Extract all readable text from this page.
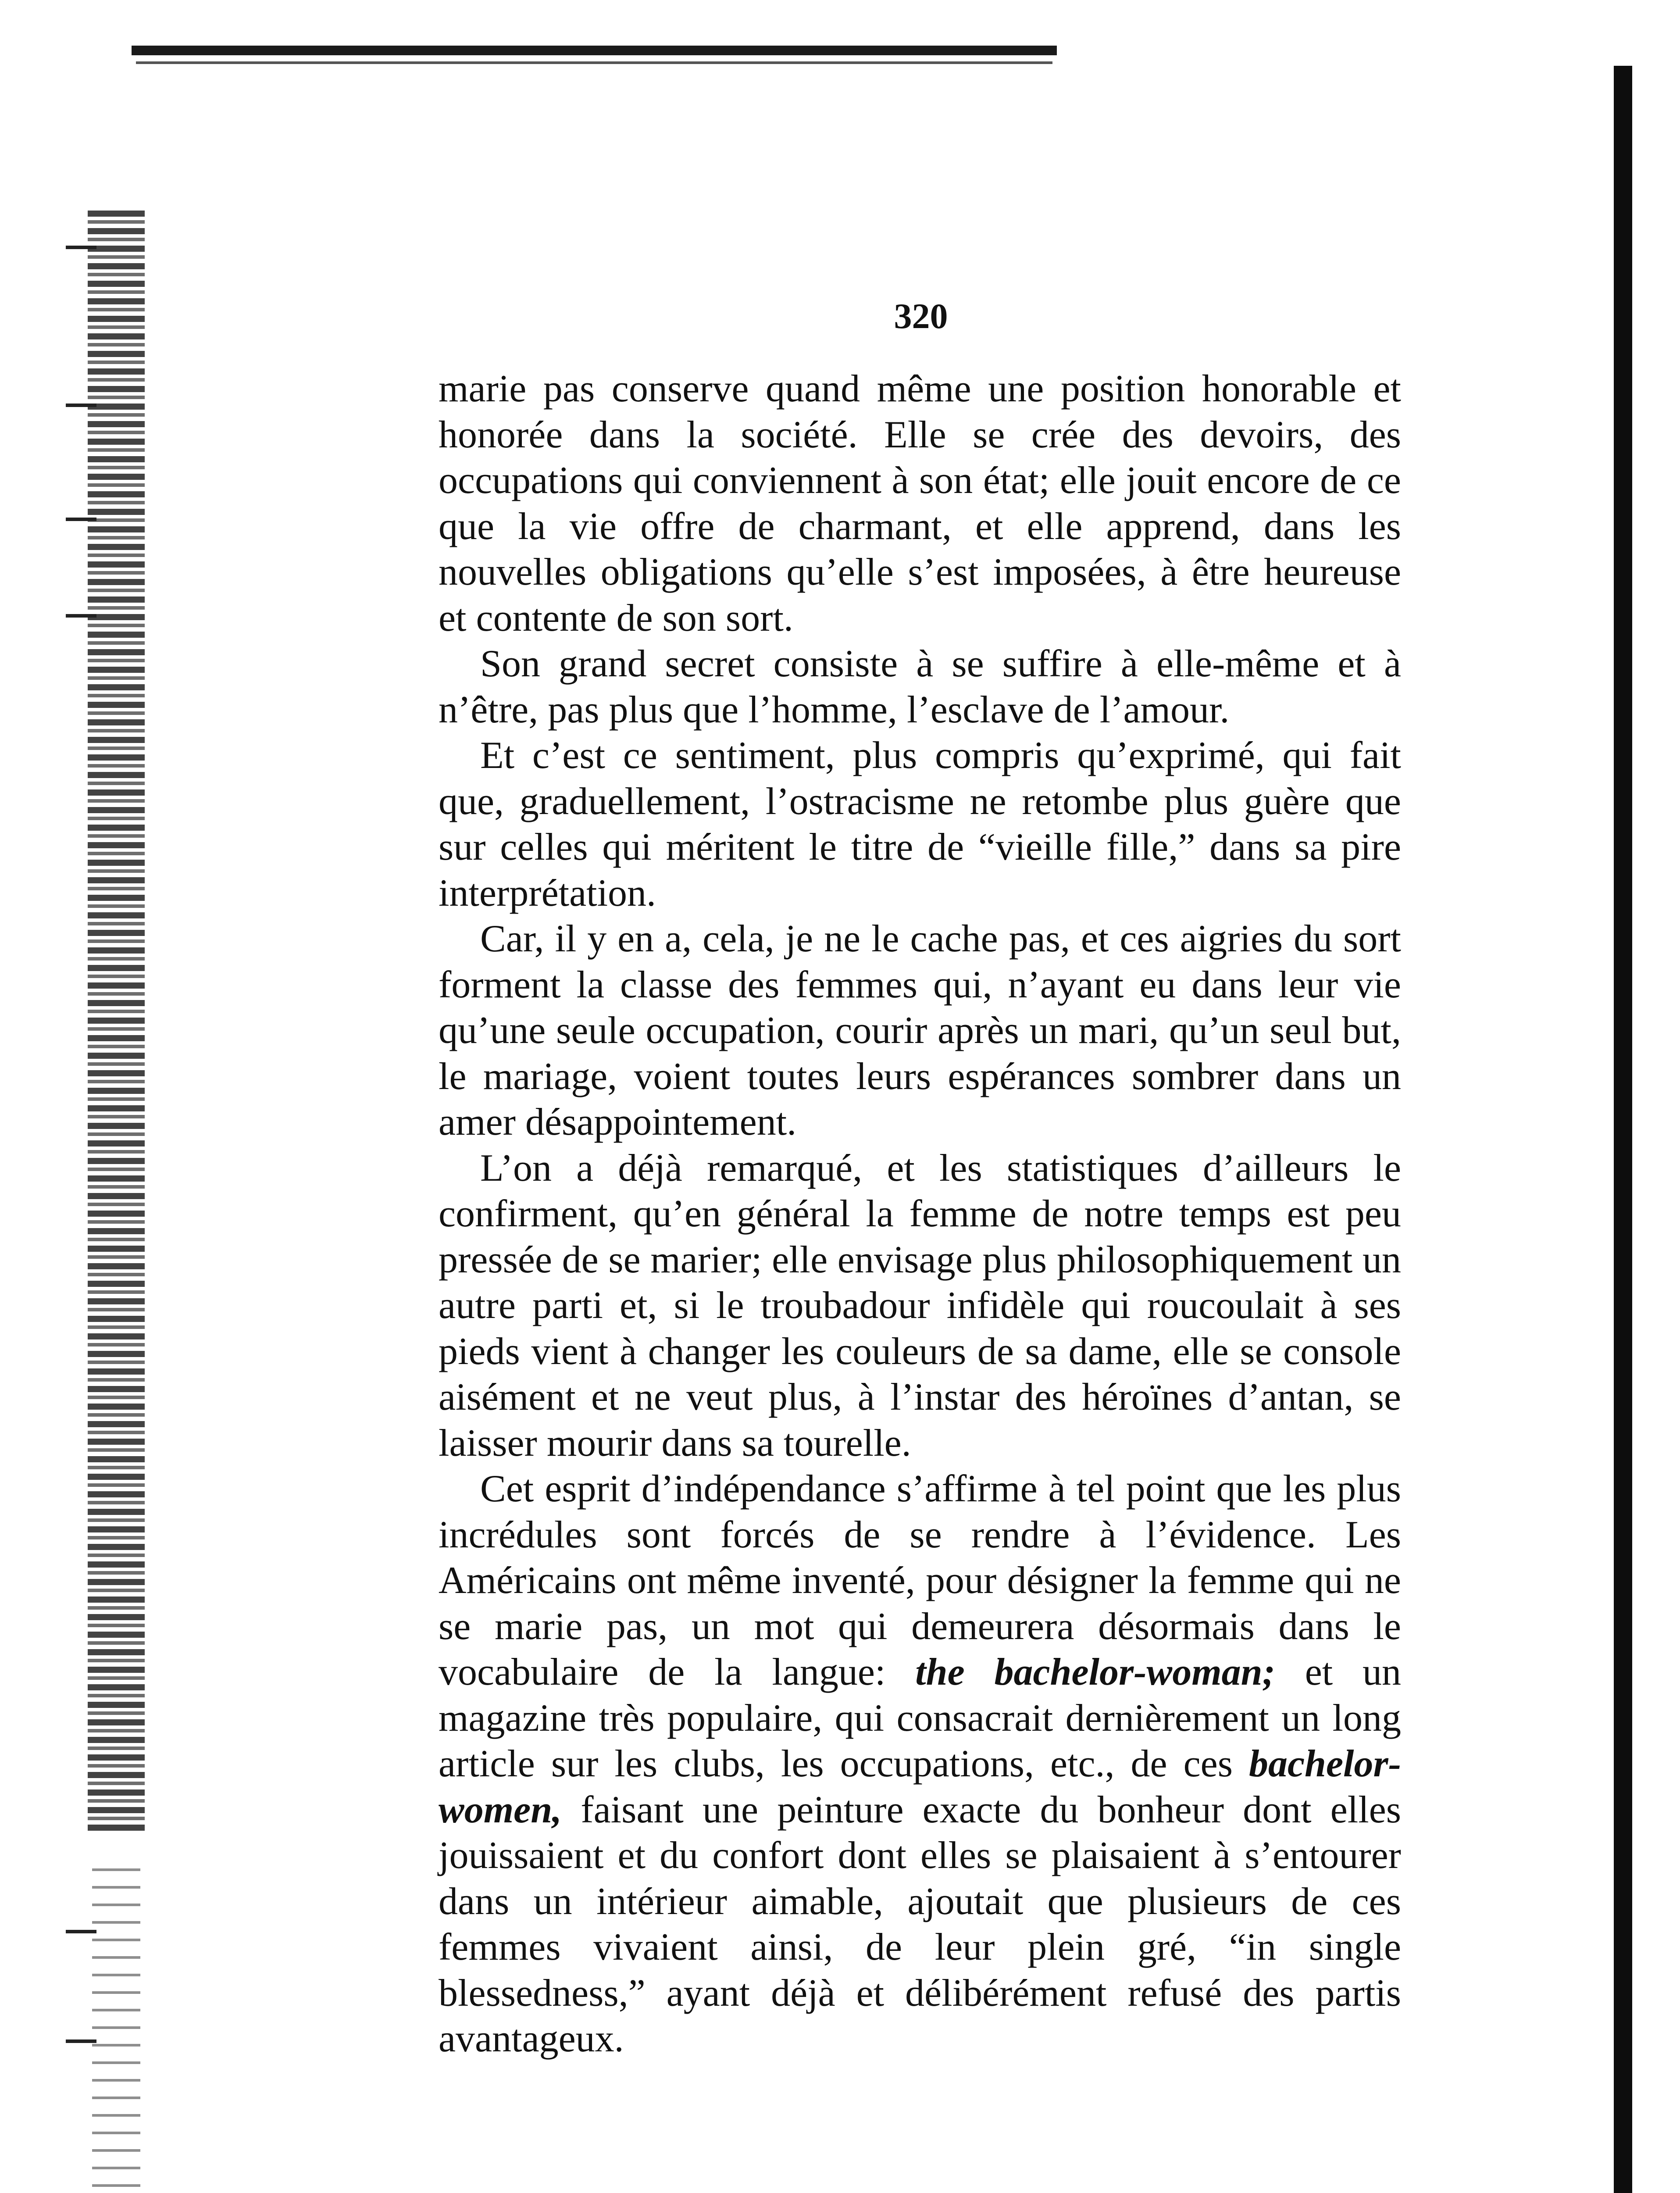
320

marie pas conserve quand même une position honorable et honorée dans la société. Elle se crée des devoirs, des occupations qui conviennent à son état; elle jouit encore de ce que la vie offre de charmant, et elle apprend, dans les nouvelles obligations qu’elle s’est imposées, à être heureuse et contente de son sort.

Son grand secret consiste à se suffire à elle-même et à n’être, pas plus que l’homme, l’esclave de l’amour.

Et c’est ce sentiment, plus compris qu’exprimé, qui fait que, graduellement, l’ostracisme ne retombe plus guère que sur celles qui méritent le titre de “vieille fille,” dans sa pire interprétation.

Car, il y en a, cela, je ne le cache pas, et ces aigries du sort forment la classe des femmes qui, n’ayant eu dans leur vie qu’une seule occupation, courir après un mari, qu’un seul but, le mariage, voient toutes leurs espérances sombrer dans un amer désappointement.

L’on a déjà remarqué, et les statistiques d’ailleurs le confirment, qu’en général la femme de notre temps est peu pressée de se marier; elle envisage plus philosophiquement un autre parti et, si le troubadour infidèle qui roucoulait à ses pieds vient à changer les couleurs de sa dame, elle se console aisément et ne veut plus, à l’instar des héroïnes d’antan, se laisser mourir dans sa tourelle.

Cet esprit d’indépendance s’affirme à tel point que les plus incrédules sont forcés de se rendre à l’évidence. Les Américains ont même inventé, pour désigner la femme qui ne se marie pas, un mot qui demeurera désormais dans le vocabulaire de la langue: the bachelor-woman; et un magazine très populaire, qui consacrait dernièrement un long article sur les clubs, les occupations, etc., de ces bachelor-women, faisant une peinture exacte du bonheur dont elles jouissaient et du confort dont elles se plaisaient à s’entourer dans un intérieur aimable, ajoutait que plusieurs de ces femmes vivaient ainsi, de leur plein gré, “in single blessedness,” ayant déjà et délibérément refusé des partis avantageux.
